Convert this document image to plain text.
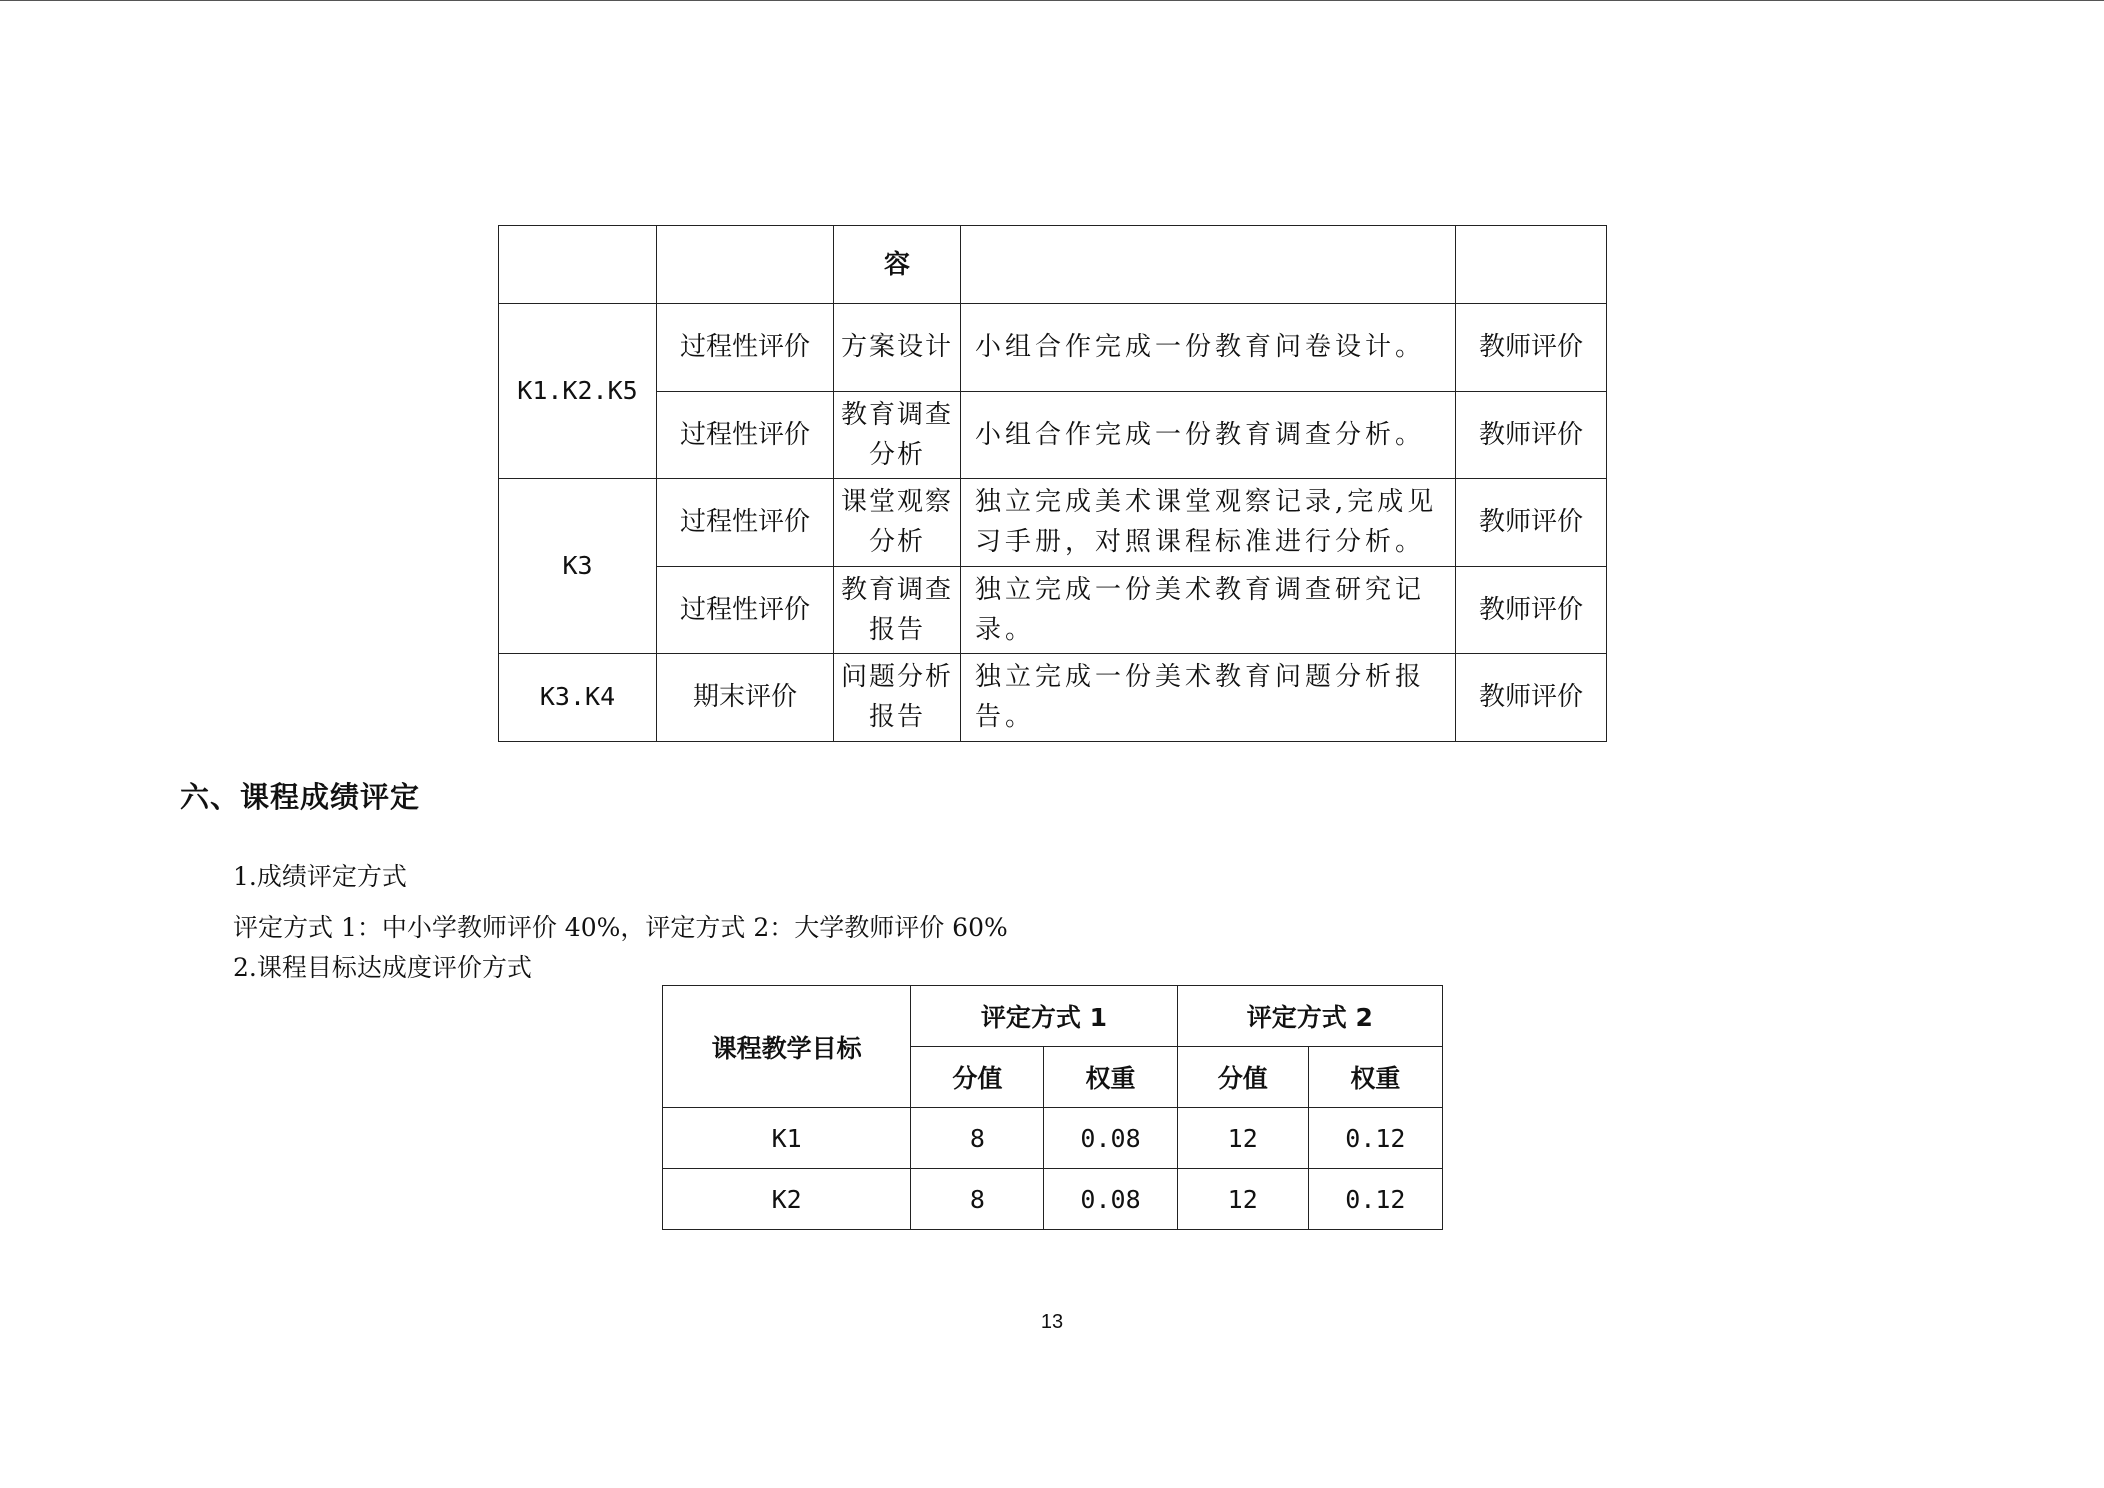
		容		
K1.K2.K5	过程性评价	方案设计	小组合作完成一份教育问卷设计。	教师评价
	过程性评价	教育调查分析	小组合作完成一份教育调查分析。	教师评价
K3	过程性评价	课堂观察分析	独立完成美术课堂观察记录,完成见习手册，对照课程标准进行分析。	教师评价
	过程性评价	教育调查报告	独立完成一份美术教育调查研究记录。	教师评价
K3.K4	期末评价	问题分析报告	独立完成一份美术教育问题分析报告。	教师评价
六、课程成绩评定
1.成绩评定方式
评定方式 1：中小学教师评价 40%，评定方式 2：大学教师评价 60%
2.课程目标达成度评价方式
课程教学目标	评定方式 1		评定方式 2	
	分值	权重	分值	权重
K1	8	0.08	12	0.12
K2	8	0.08	12	0.12
13
